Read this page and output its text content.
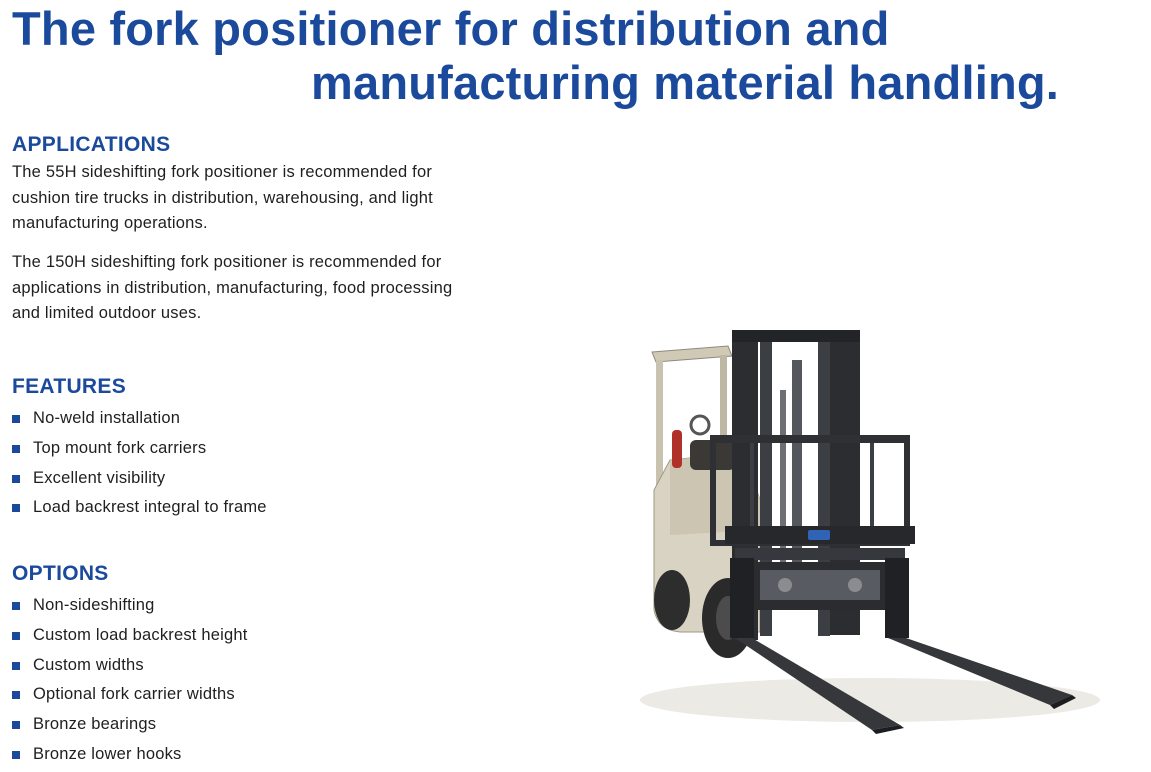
The fork positioner for distribution and
manufacturing material handling.
APPLICATIONS
The 55H sideshifting fork positioner is recommended for
cushion tire trucks in distribution, warehousing, and light
manufacturing operations.
The 150H sideshifting fork positioner is recommended for
applications in distribution, manufacturing, food processing
and limited outdoor uses.
FEATURES
No-weld installation
Top mount fork carriers
Excellent visibility
Load backrest integral to frame
OPTIONS
Non-sideshifting
Custom load backrest height
Custom widths
Optional fork carrier widths
Bronze bearings
Bronze lower hooks
